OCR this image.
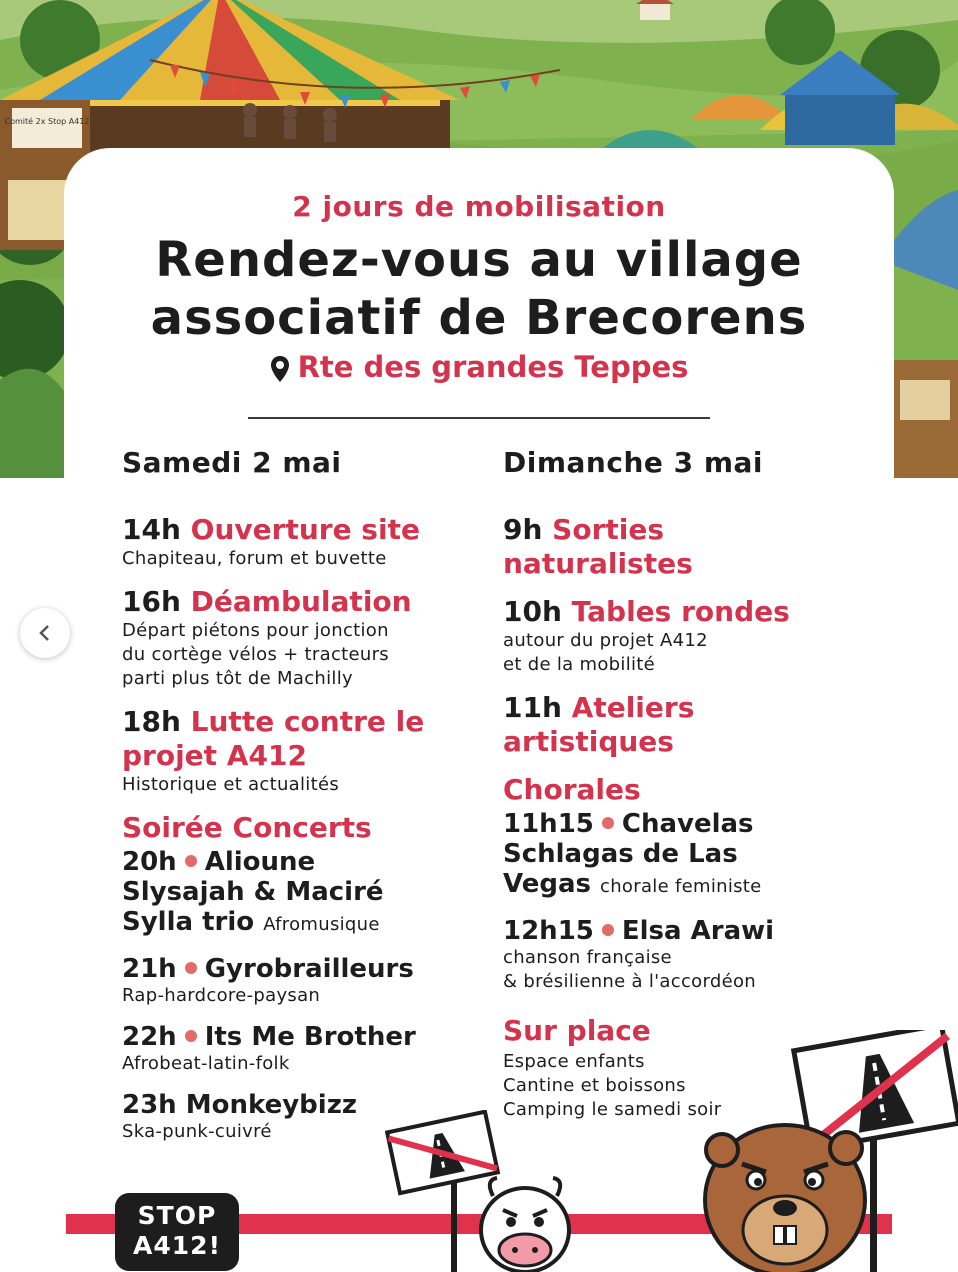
Comité 2x Stop A412
2 jours de mobilisation
Rendez-vous au village
associatif de Brecorens
Rte des grandes Teppes
Samedi 2 mai
14h Ouverture site
Chapiteau, forum et buvette
16h Déambulation
Départ piétons pour jonction
du cortège vélos + tracteurs
parti plus tôt de Machilly
18h Lutte contre le
projet A412
Historique et actualités
Soirée Concerts
20h Alioune
Slysajah & Maciré
Sylla trio Afromusique
21h Gyrobrailleurs
Rap-hardcore-paysan
22h Its Me Brother
Afrobeat-latin-folk
23h Monkeybizz
Ska-punk-cuivré
Dimanche 3 mai
9h Sorties
naturalistes
10h Tables rondes
autour du projet A412
et de la mobilité
11h Ateliers
artistiques
Chorales
11h15 Chavelas
Schlagas de Las
Vegas chorale feministe
12h15 Elsa Arawi
chanson française
& brésilienne à l'accordéon
Sur place
Espace enfants
Cantine et boissons
Camping le samedi soir
STOP
A412!
